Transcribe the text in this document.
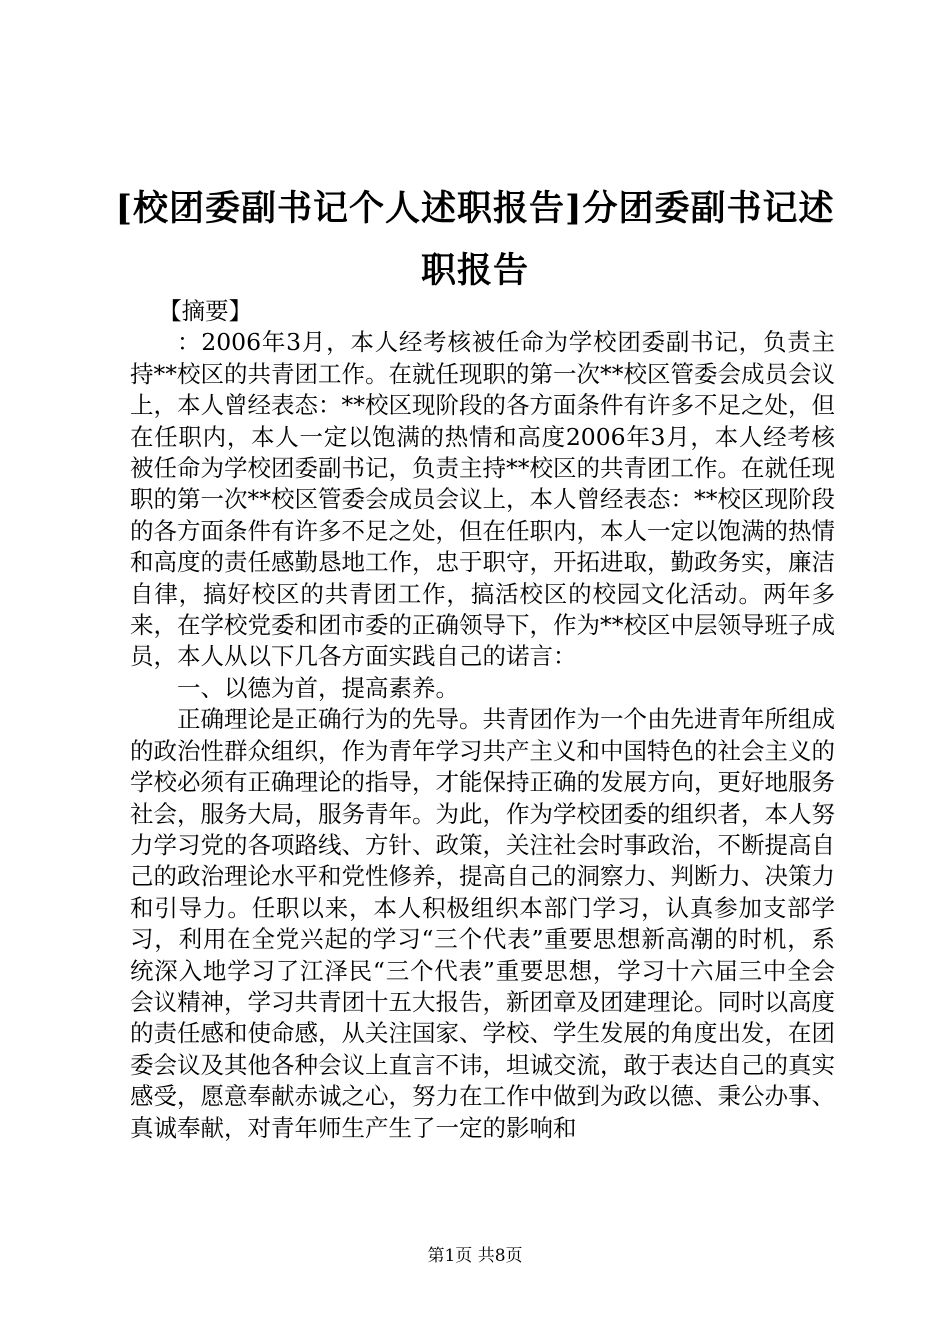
[校团委副书记个人述职报告]分团委副书记述职报告

【摘要】

：2006年3月，本人经考核被任命为学校团委副书记，负责主持**校区的共青团工作。在就任现职的第一次**校区管委会成员会议上，本人曾经表态：**校区现阶段的各方面条件有许多不足之处，但在任职内，本人一定以饱满的热情和高度2006年3月，本人经考核被任命为学校团委副书记，负责主持**校区的共青团工作。在就任现职的第一次**校区管委会成员会议上，本人曾经表态：**校区现阶段的各方面条件有许多不足之处，但在任职内，本人一定以饱满的热情和高度的责任感勤恳地工作，忠于职守，开拓进取，勤政务实，廉洁自律，搞好校区的共青团工作，搞活校区的校园文化活动。两年多来，在学校党委和团市委的正确领导下，作为**校区中层领导班子成员，本人从以下几各方面实践自己的诺言：

一、以德为首，提高素养。

正确理论是正确行为的先导。共青团作为一个由先进青年所组成的政治性群众组织，作为青年学习共产主义和中国特色的社会主义的学校必须有正确理论的指导，才能保持正确的发展方向，更好地服务社会，服务大局，服务青年。为此，作为学校团委的组织者，本人努力学习党的各项路线、方针、政策，关注社会时事政治，不断提高自己的政治理论水平和党性修养，提高自己的洞察力、判断力、决策力和引导力。任职以来，本人积极组织本部门学习，认真参加支部学习，利用在全党兴起的学习“三个代表”重要思想新高潮的时机，系统深入地学习了江泽民“三个代表”重要思想，学习十六届三中全会会议精神，学习共青团十五大报告，新团章及团建理论。同时以高度的责任感和使命感，从关注国家、学校、学生发展的角度出发，在团委会议及其他各种会议上直言不讳，坦诚交流，敢于表达自己的真实感受，愿意奉献赤诚之心，努力在工作中做到为政以德、秉公办事、真诚奉献，对青年师生产生了一定的影响和

第1页 共8页
